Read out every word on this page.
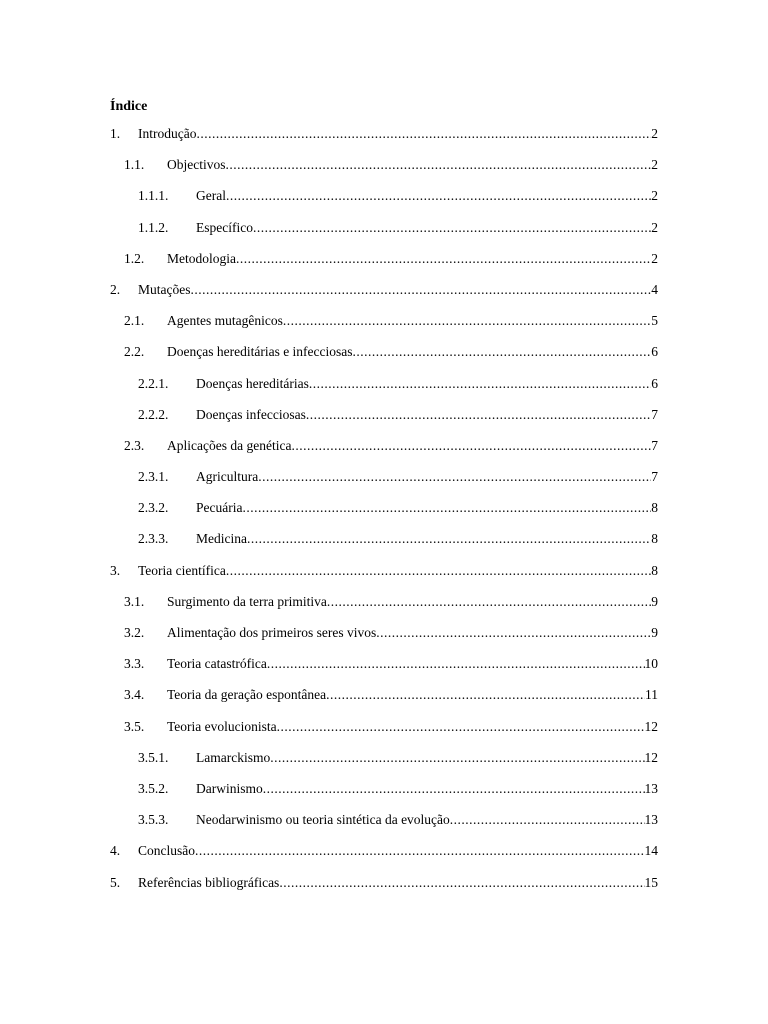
Índice
1. Introdução .....	2
1.1. Objectivos .....	2
1.1.1. Geral .....	2
1.1.2. Específico .....	2
1.2. Metodologia .....	2
2. Mutações .....	4
2.1. Agentes mutagênicos .....	5
2.2. Doenças hereditárias e infecciosas .....	6
2.2.1. Doenças hereditárias .....	6
2.2.2. Doenças infecciosas .....	7
2.3. Aplicações da genética .....	7
2.3.1. Agricultura .....	7
2.3.2. Pecuária .....	8
2.3.3. Medicina .....	8
3. Teoria científica .....	8
3.1. Surgimento da terra primitiva .....	9
3.2. Alimentação dos primeiros seres vivos .....	9
3.3. Teoria catastrófica .....	10
3.4. Teoria da geração espontânea .....	11
3.5. Teoria evolucionista .....	12
3.5.1. Lamarckismo .....	12
3.5.2. Darwinismo .....	13
3.5.3. Neodarwinismo ou teoria sintética da evolução .....	13
4. Conclusão .....	14
5. Referências bibliográficas .....	15
